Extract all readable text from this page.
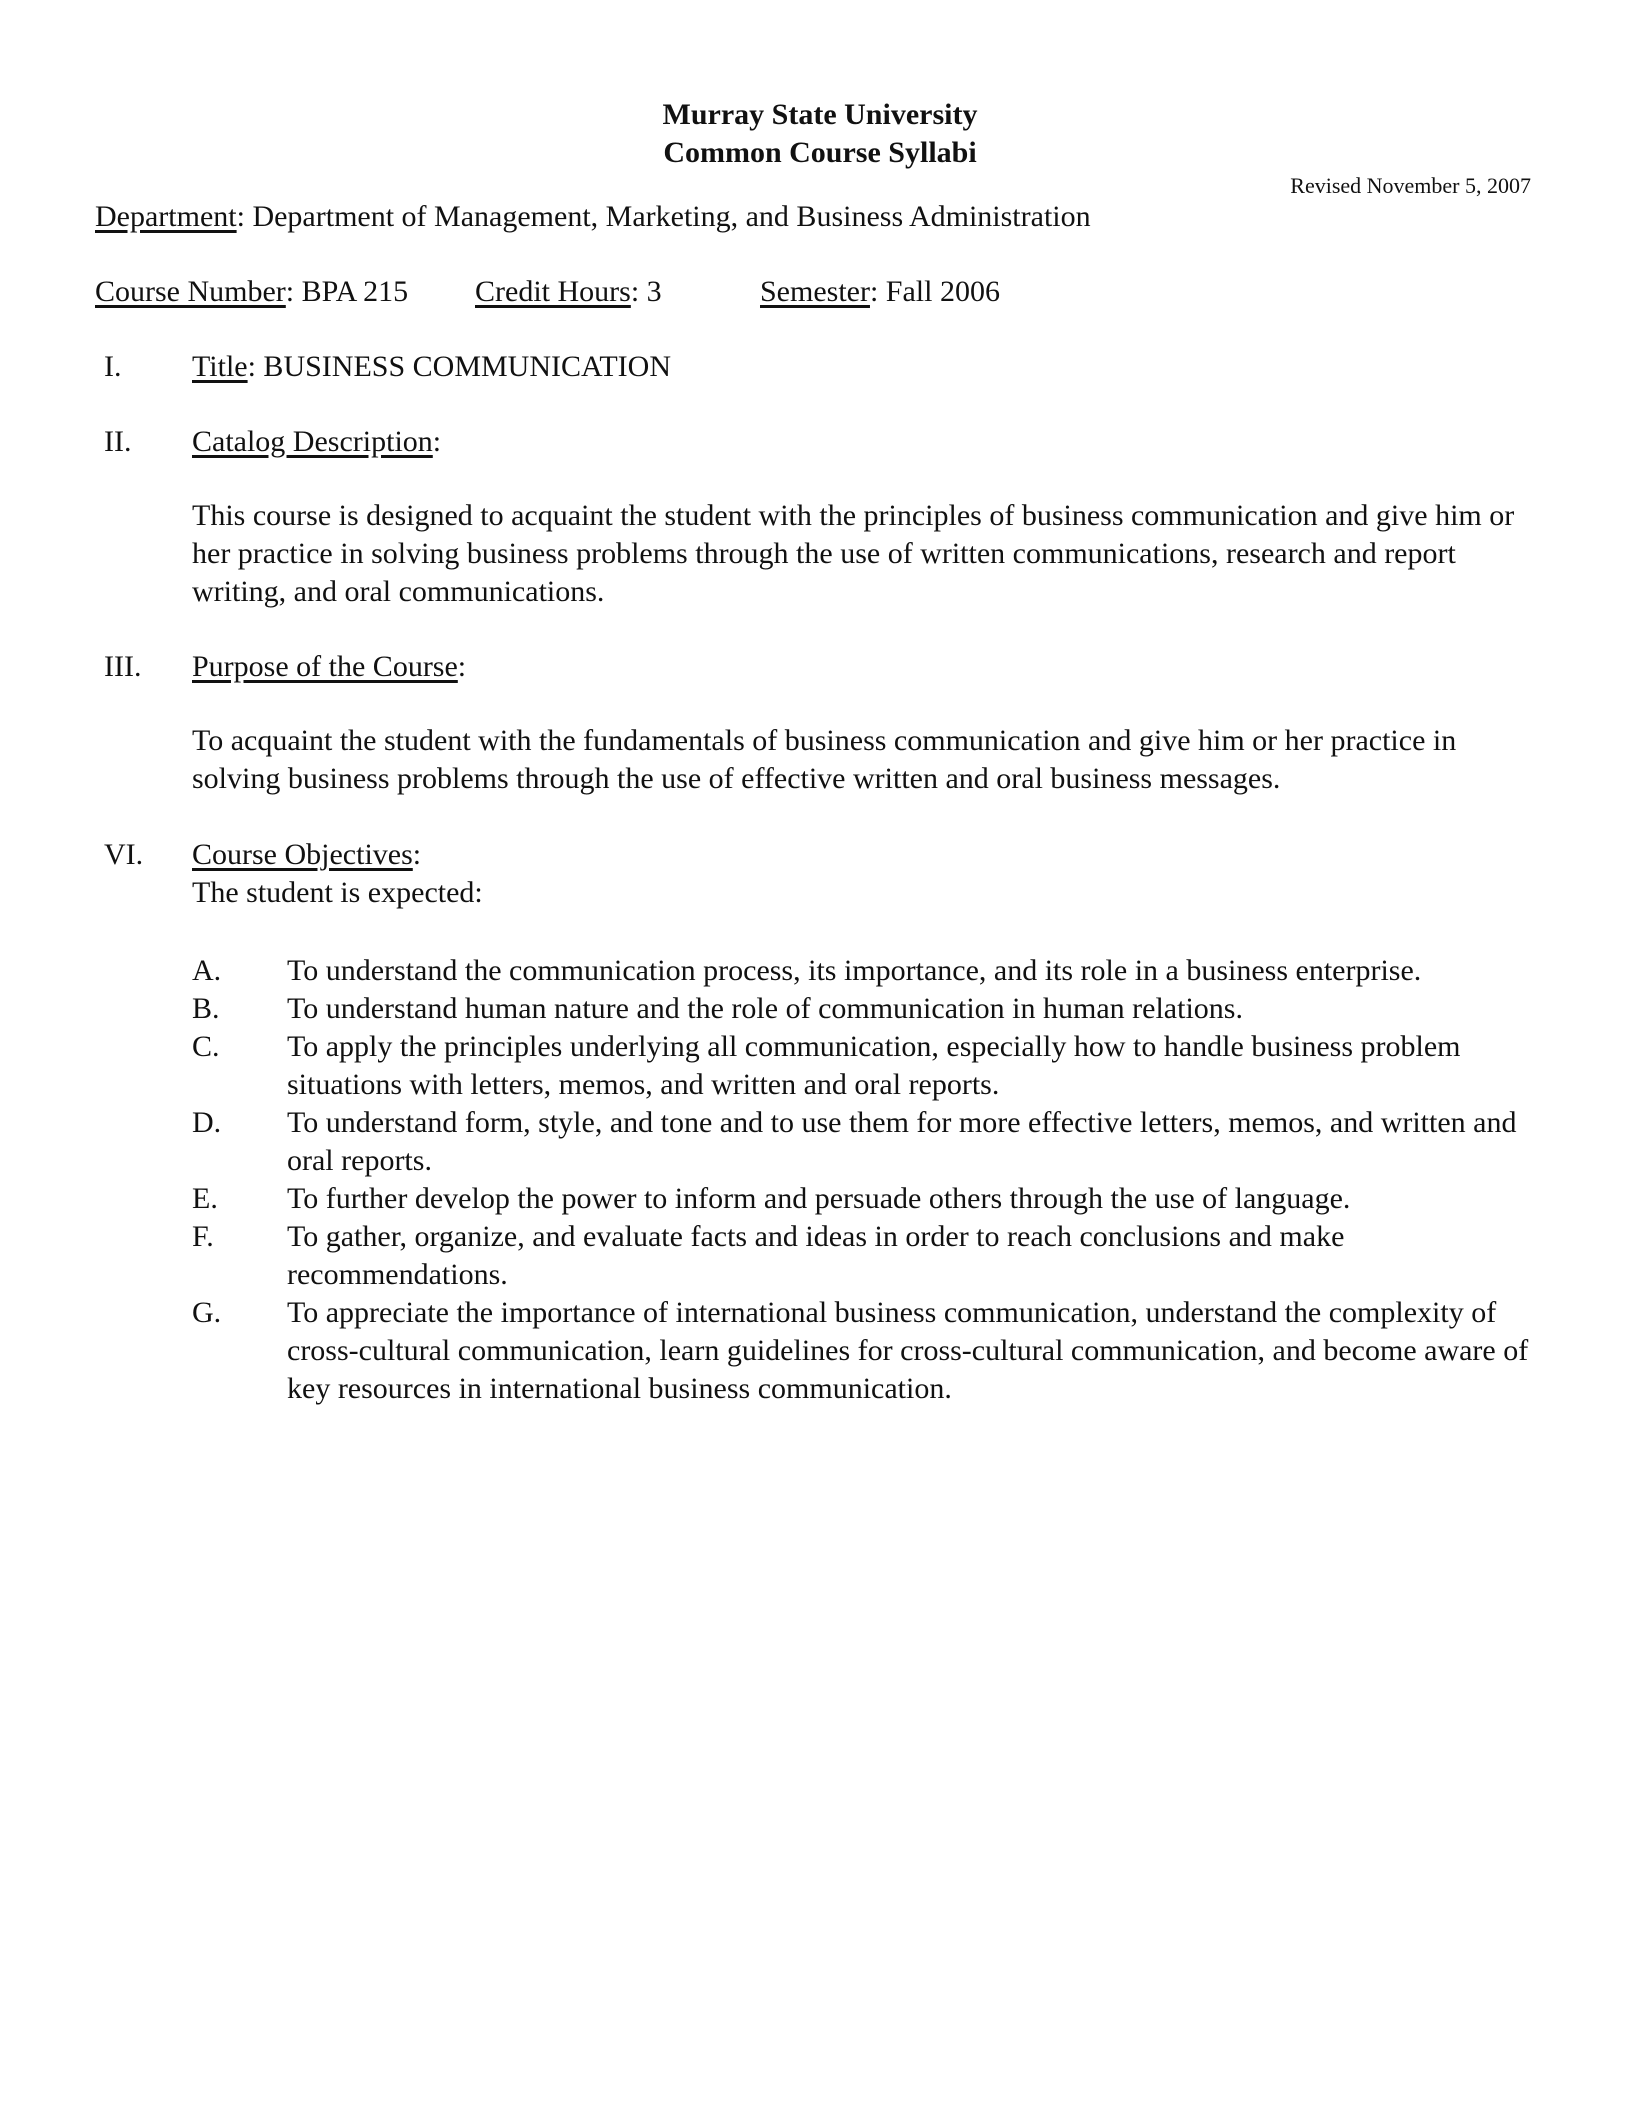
Murray State University
Common Course Syllabi
Revised November 5, 2007
Department: Department of Management, Marketing, and Business Administration
Course Number: BPA 215 Credit Hours: 3	Semester: Fall 2006
I.	Title: BUSINESS COMMUNICATION
II.	Catalog Description:
This course is designed to acquaint the student with the principles of business communication and give him or her practice in solving business problems through the use of written communications, research and report writing, and oral communications.
III.	Purpose of the Course:
To acquaint the student with the fundamentals of business communication and give him or her practice in solving business problems through the use of effective written and oral business messages.
VI.	Course Objectives:
The student is expected:
A.	To understand the communication process, its importance, and its role in a business enterprise.
B.	To understand human nature and the role of communication in human relations.
C.	To apply the principles underlying all communication, especially how to handle business problem situations with letters, memos, and written and oral reports.
D.	To understand form, style, and tone and to use them for more effective letters, memos, and written and oral reports.
E.	To further develop the power to inform and persuade others through the use of language.
F.	To gather, organize, and evaluate facts and ideas in order to reach conclusions and make recommendations.
G.	To appreciate the importance of international business communication, understand the complexity of cross-cultural communication, learn guidelines for cross-cultural communication, and become aware of key resources in international business communication.
